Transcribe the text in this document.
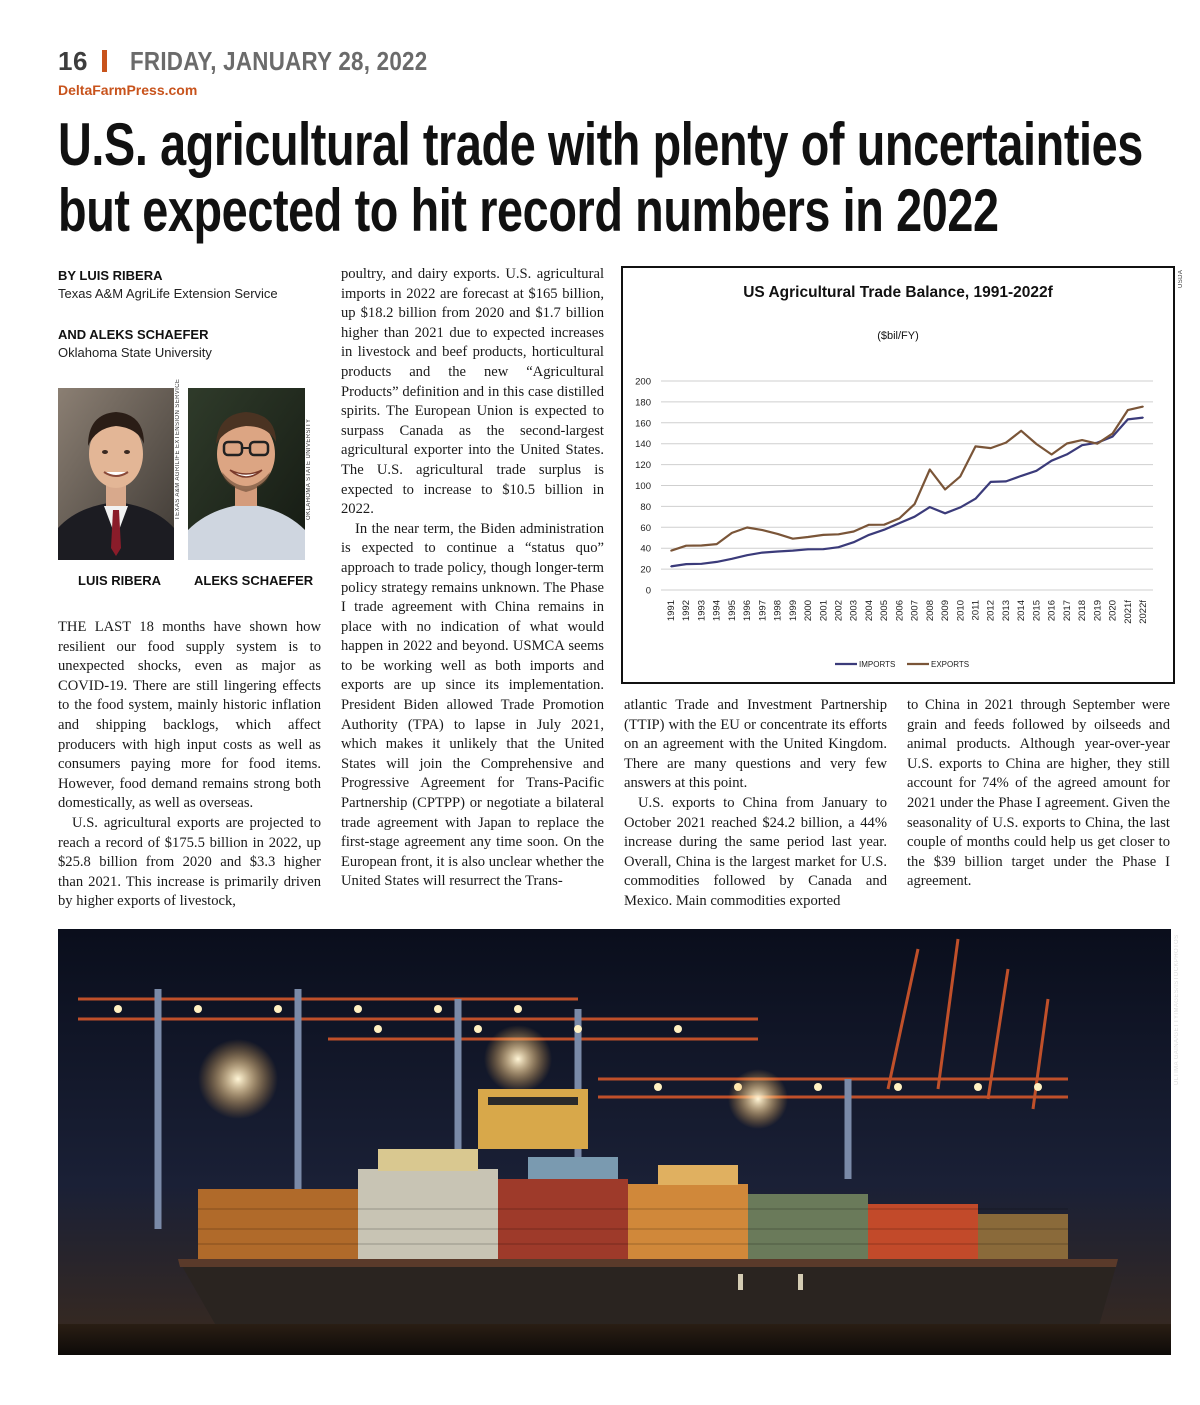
16 FRIDAY, JANUARY 28, 2022
DeltaFarmPress.com
U.S. agricultural trade with plenty of uncertainties
but expected to hit record numbers in 2022
BY LUIS RIBERA
Texas A&M AgriLife Extension Service
AND ALEKS SCHAEFER
Oklahoma State University
TEXAS A&M AGRILIFE EXTENSION SERVICE	OKLAHOMA STATE UNIVERSITY
LUIS RIBERA	ALEKS SCHAEFER

THE LAST 18 months have shown how resilient our food supply system is to unexpected shocks, even as major as COVID-19. There are still lingering effects to the food system, mainly historic inflation and shipping backlogs, which affect producers with high input costs as well as consumers paying more for food items. However, food demand remains strong both domestically, as well as overseas.

U.S. agricultural exports are projected to reach a record of $175.5 billion in 2022, up $25.8 billion from 2020 and $3.3 higher than 2021. This increase is primarily driven by higher exports of livestock,

poultry, and dairy exports. U.S. agricultural imports in 2022 are forecast at $165 billion, up $18.2 billion from 2020 and $1.7 billion higher than 2021 due to expected increases in livestock and beef products, horticultural products and the new “Agricultural Products” definition and in this case distilled spirits. The European Union is expected to surpass Canada as the second-largest agricultural exporter into the United States. The U.S. agricultural trade surplus is expected to increase to $10.5 billion in 2022.

In the near term, the Biden administration is expected to continue a “status quo” approach to trade policy, though longer-term policy strategy remains unknown. The Phase I trade agreement with China remains in place with no indication of what would happen in 2022 and beyond. USMCA seems to be working well as both imports and exports are up since its implementation. President Biden allowed Trade Promotion Authority (TPA) to lapse in July 2021, which makes it unlikely that the United States will join the Comprehensive and Progressive Agreement for Trans-Pacific Partnership (CPTPP) or negotiate a bilateral trade agreement with Japan to replace the first-stage agreement any time soon. On the European front, it is also unclear whether the United States will resurrect the Trans-

atlantic Trade and Investment Partnership (TTIP) with the EU or concentrate its efforts on an agreement with the United Kingdom. There are many questions and very few answers at this point.

U.S. exports to China from January to October 2021 reached $24.2 billion, a 44% increase during the same period last year. Overall, China is the largest market for U.S. commodities followed by Canada and Mexico. Main commodities exported

to China in 2021 through September were grain and feeds followed by oilseeds and animal products. Although year-over-year U.S. exports to China are higher, they still account for 74% of the agreed amount for 2021 under the Phase I agreement. Given the seasonality of U.S. exports to China, the last couple of months could help us get closer to the $39 billion target under the Phase I agreement.

US Agricultural Trade Balance, 1991-2022f
($bil/FY)
0
20
40
60
80
100
120
140
160
180
200
1991 1992 1993 1994 1995 1996 1997 1998 1999 2000 2001 2002 2003 2004 2005 2006 2007 2008 2009 2010 2011 2012 2013 2014 2015 2016 2017 2018 2019 2020 2021f 2022f
IMPORTS	EXPORTS
USDA
ULTIMA GAINA/GETTYIMAGES/ISTOCKPHOTOS
